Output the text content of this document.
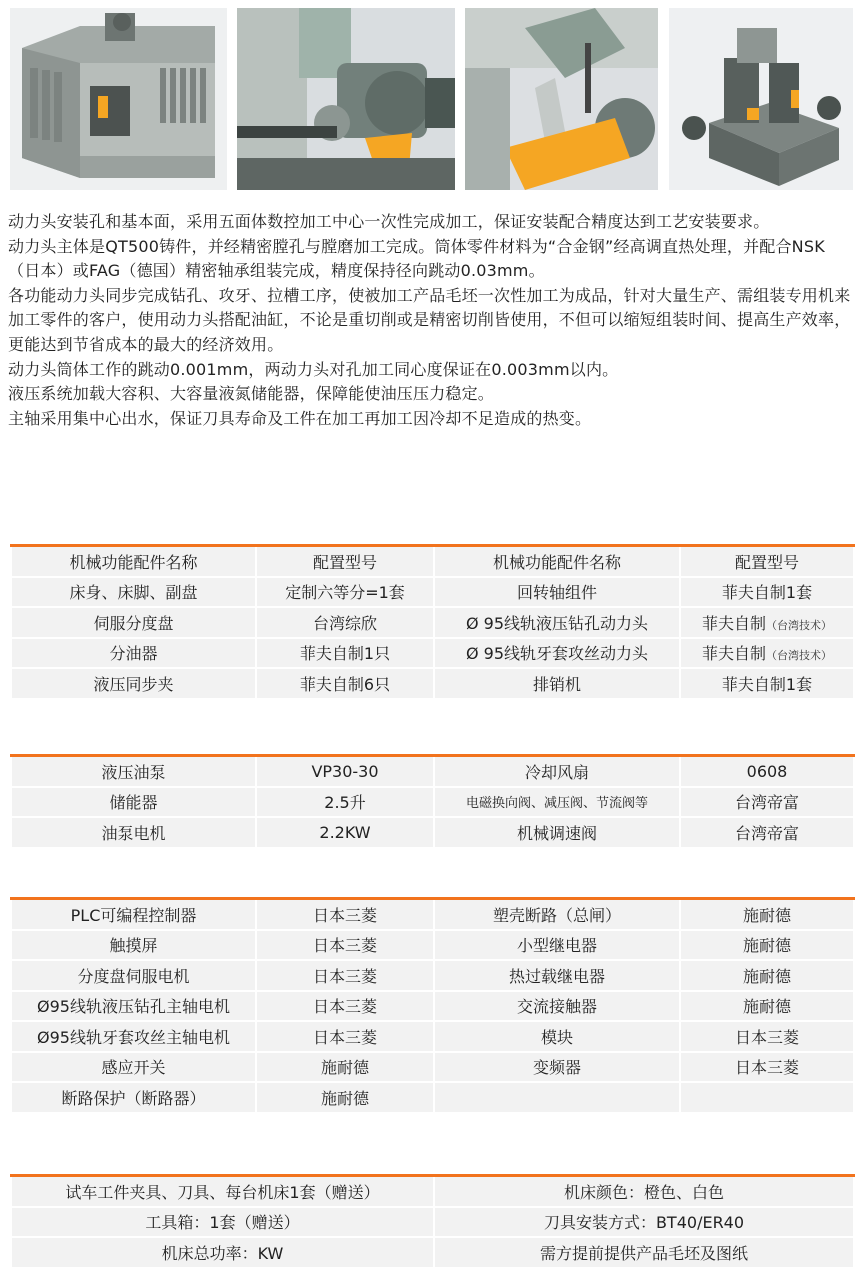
动力头安装孔和基本面，采用五面体数控加工中心一次性完成加工，保证安装配合精度达到工艺安装要求。

动力头主体是QT500铸件，并经精密膛孔与膛磨加工完成。筒体零件材料为“合金钢”经高调直热处理，并配合NSK（日本）或FAG（德国）精密轴承组装完成，精度保持径向跳动0.03mm。

各功能动力头同步完成钻孔、攻牙、拉槽工序，使被加工产品毛坯一次性加工为成品，针对大量生产、需组装专用机来加工零件的客户，使用动力头搭配油缸，不论是重切削或是精密切削皆使用，不但可以缩短组装时间、提高生产效率，更能达到节省成本的最大的经济效用。

动力头筒体工作的跳动0.001mm，两动力头对孔加工同心度保证在0.003mm以内。

液压系统加载大容积、大容量液氮储能器，保障能使油压压力稳定。

主轴采用集中心出水，保证刀具寿命及工件在加工再加工因冷却不足造成的热变。

机械功能配件名称	配置型号	机械功能配件名称	配置型号
床身、床脚、副盘	定制六等分=1套	回转轴组件	菲夫自制1套
伺服分度盘	台湾综欣	Ø 95线轨液压钻孔动力头	菲夫自制（台湾技术）
分油器	菲夫自制1只	Ø 95线轨牙套攻丝动力头	菲夫自制（台湾技术）
液压同步夹	菲夫自制6只	排销机	菲夫自制1套
液压油泵	VP30-30	冷却风扇	0608
储能器	2.5升	电磁换向阀、减压阀、节流阀等	台湾帝富
油泵电机	2.2KW	机械调速阀	台湾帝富
PLC可编程控制器	日本三菱	塑壳断路（总闸）	施耐德
触摸屏	日本三菱	小型继电器	施耐德
分度盘伺服电机	日本三菱	热过载继电器	施耐德
Ø95线轨液压钻孔主轴电机	日本三菱	交流接触器	施耐德
Ø95线轨牙套攻丝主轴电机	日本三菱	模块	日本三菱
感应开关	施耐德	变频器	日本三菱
断路保护（断路器）	施耐德		
试车工件夹具、刀具、每台机床1套（赠送）	机床颜色：橙色、白色
工具箱：1套（赠送）	刀具安装方式：BT40/ER40
机床总功率：KW	需方提前提供产品毛坯及图纸
